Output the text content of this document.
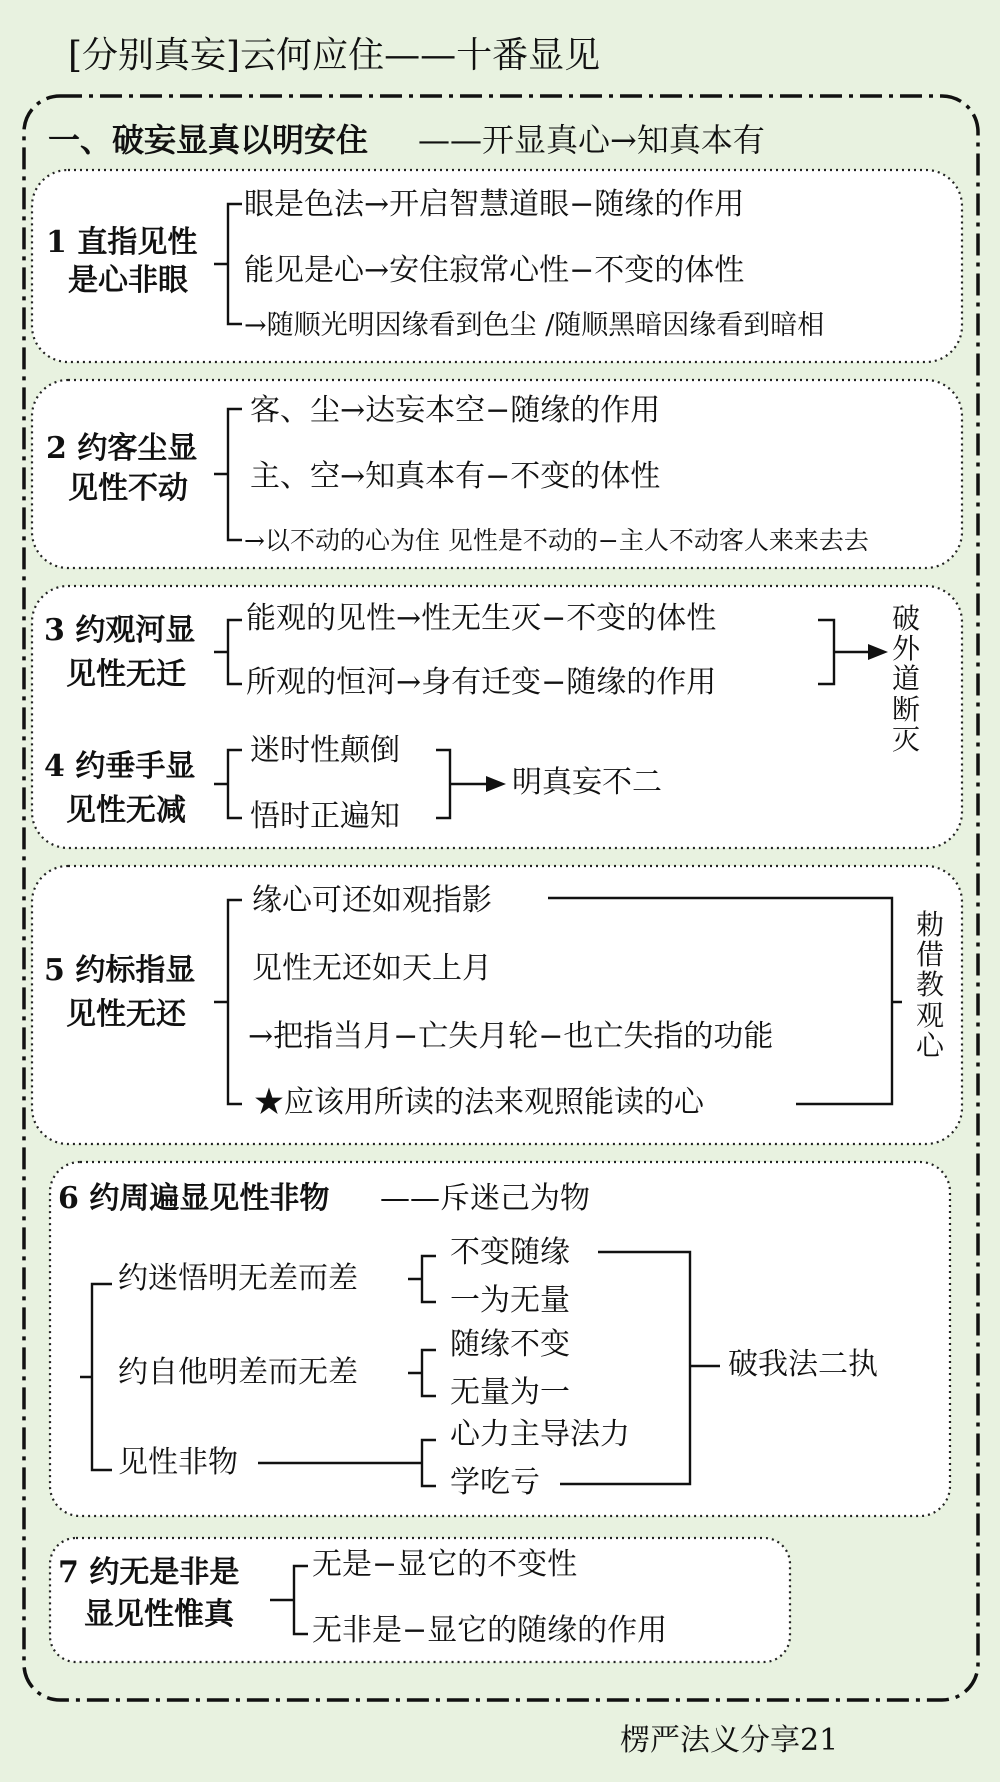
[分别真妄]云何应住——十番显见
一、破妄显真以明安住 ——开显真心→知真本有
1 直指见性
是心非眼
眼是色法→开启智慧道眼−随缘的作用
能见是心→安住寂常心性−不变的体性
→随顺光明因缘看到色尘 /随顺黑暗因缘看到暗相
2 约客尘显
见性不动
客、尘→达妄本空−随缘的作用
主、空→知真本有−不变的体性
→以不动的心为住 见性是不动的−主人不动客人来来去去
3 约观河显
见性无迁
能观的见性→性无生灭−不变的体性
所观的恒河→身有迁变−随缘的作用
破外道断灭
4 约垂手显
见性无减
迷时性颠倒
悟时正遍知
明真妄不二
5 约标指显
见性无还
缘心可还如观指影
见性无还如天上月
→把指当月−亡失月轮−也亡失指的功能
★应该用所读的法来观照能读的心
勅借教观心
6 约周遍显见性非物 ——斥迷己为物
约迷悟明无差而差
不变随缘
一为无量
约自他明差而无差
随缘不变
无量为一
见性非物
心力主导法力
学吃亏
破我法二执
7 约无是非是
显见性惟真
无是−显它的不变性
无非是−显它的随缘的作用
楞严法义分享21
